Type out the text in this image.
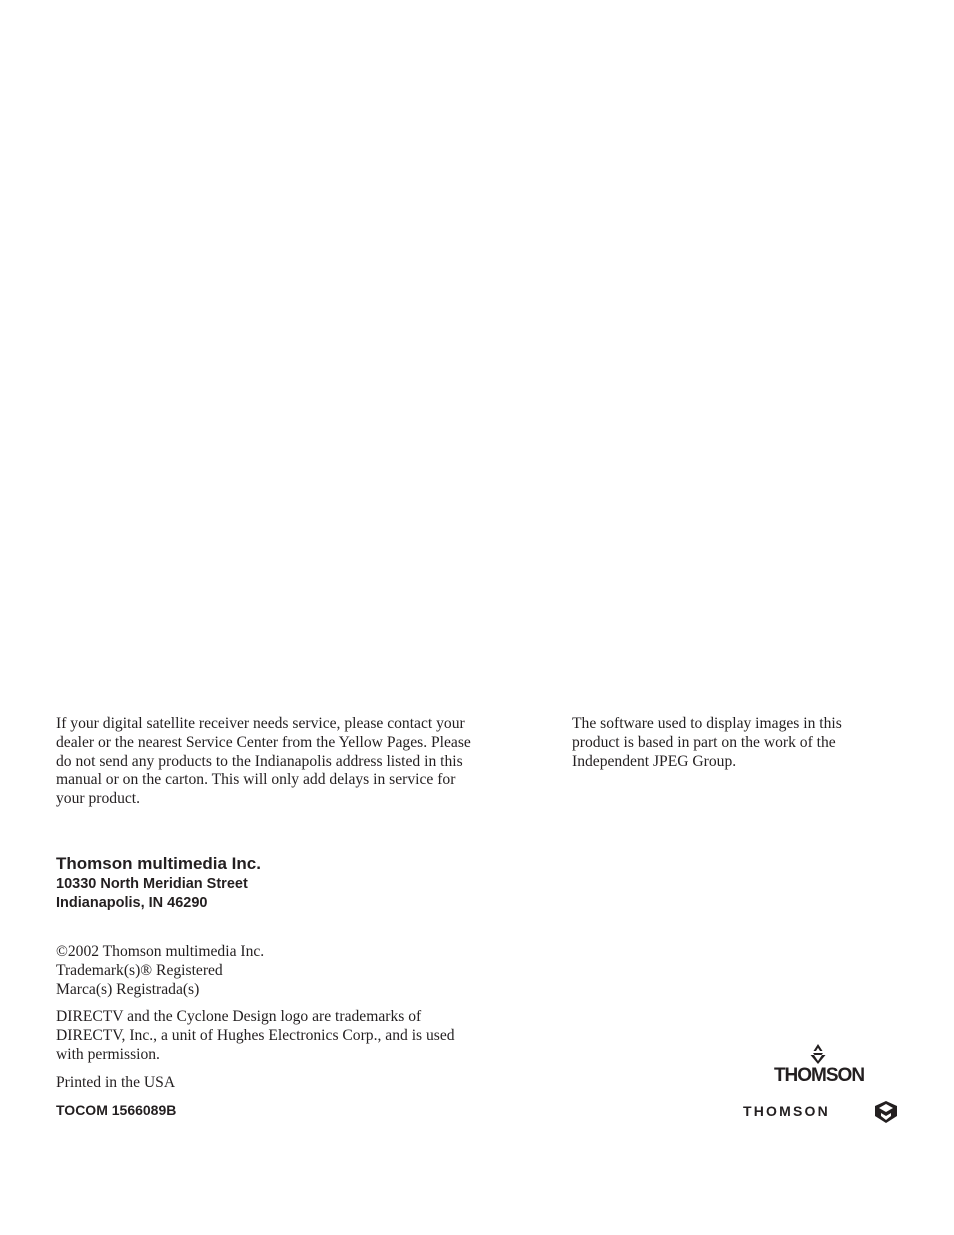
If your digital satellite receiver needs service, please contact your dealer or the nearest Service Center from the Yellow Pages. Please do not send any products to the Indianapolis address listed in this manual or on the carton. This will only add delays in service for your product.

The software used to display images in this product is based in part on the work of the Independent JPEG Group.

Thomson multimedia Inc.
10330 North Meridian Street
Indianapolis, IN 46290

©2002 Thomson multimedia Inc.

Trademark(s)® Registered

Marca(s) Registrada(s)

DIRECTV and the Cyclone Design logo are trademarks of DIRECTV, Inc., a unit of Hughes Electronics Corp., and is used with permission.

Printed in the USA

TOCOM 1566089B
THOMSON
THOMSON
